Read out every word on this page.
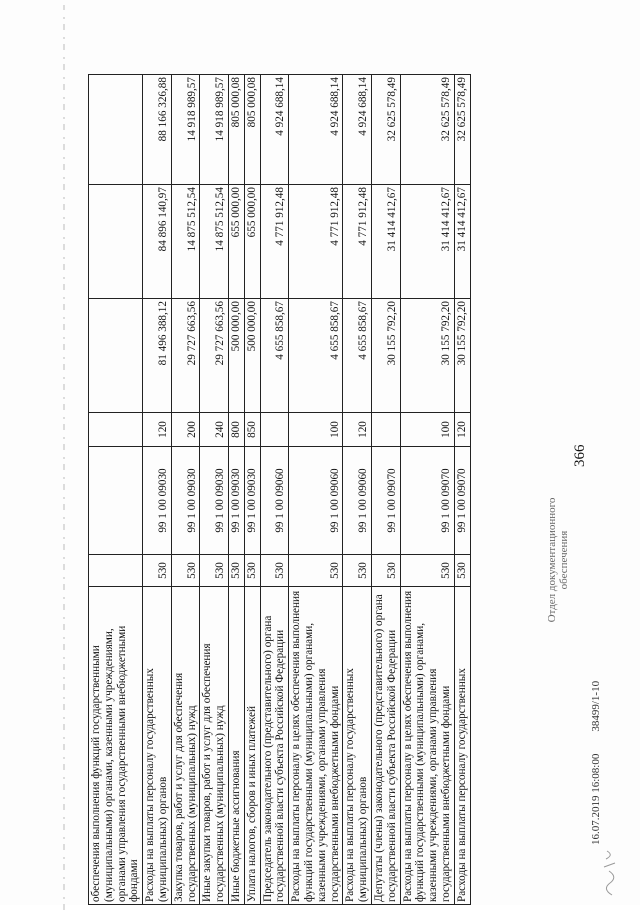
366
обеспечения выполнения функций государственными (муниципальными) органами, казенными учреждениями, органами управления государственными внебюджетными фондами						
Расходы на выплаты персоналу государственных (муниципальных) органов	530	99 1 00 09030	120	81 496 388,12	84 896 140,97	88 166 326,88
Закупка товаров, работ и услуг для обеспечения государственных (муниципальных) нужд	530	99 1 00 09030	200	29 727 663,56	14 875 512,54	14 918 989,57
Иные закупки товаров, работ и услуг для обеспечения государственных (муниципальных) нужд	530	99 1 00 09030	240	29 727 663,56	14 875 512,54	14 918 989,57
Иные бюджетные ассигнования	530	99 1 00 09030	800	500 000,00	655 000,00	805 000,08
Уплата налогов, сборов и иных платежей	530	99 1 00 09030	850	500 000,00	655 000,00	805 000,08
Председатель законодательного (представительного) органа государственной власти субъекта Российской Федерации	530	99 1 00 09060		4 655 858,67	4 771 912,48	4 924 688,14
Расходы на выплаты персоналу в целях обеспечения выполнения функций государственными (муниципальными) органами, казенными учреждениями, органами управления государственными внебюджетными фондами	530	99 1 00 09060	100	4 655 858,67	4 771 912,48	4 924 688,14
Расходы на выплаты персоналу государственных (муниципальных) органов	530	99 1 00 09060	120	4 655 858,67	4 771 912,48	4 924 688,14
Депутаты (члены) законодательного (представительного) органа государственной власти субъекта Российской Федерации	530	99 1 00 09070		30 155 792,20	31 414 412,67	32 625 578,49
Расходы на выплаты персоналу в целях обеспечения выполнения функций государственными (муниципальными) органами, казенными учреждениями, органами управления государственными внебюджетными фондами	530	99 1 00 09070	100	30 155 792,20	31 414 412,67	32 625 578,49
Расходы на выплаты персоналу государственных	530	99 1 00 09070	120	30 155 792,20	31 414 412,67	32 625 578,49
Отдел документационного обеспечения
16.07.2019 16:08:0038499/1-10
